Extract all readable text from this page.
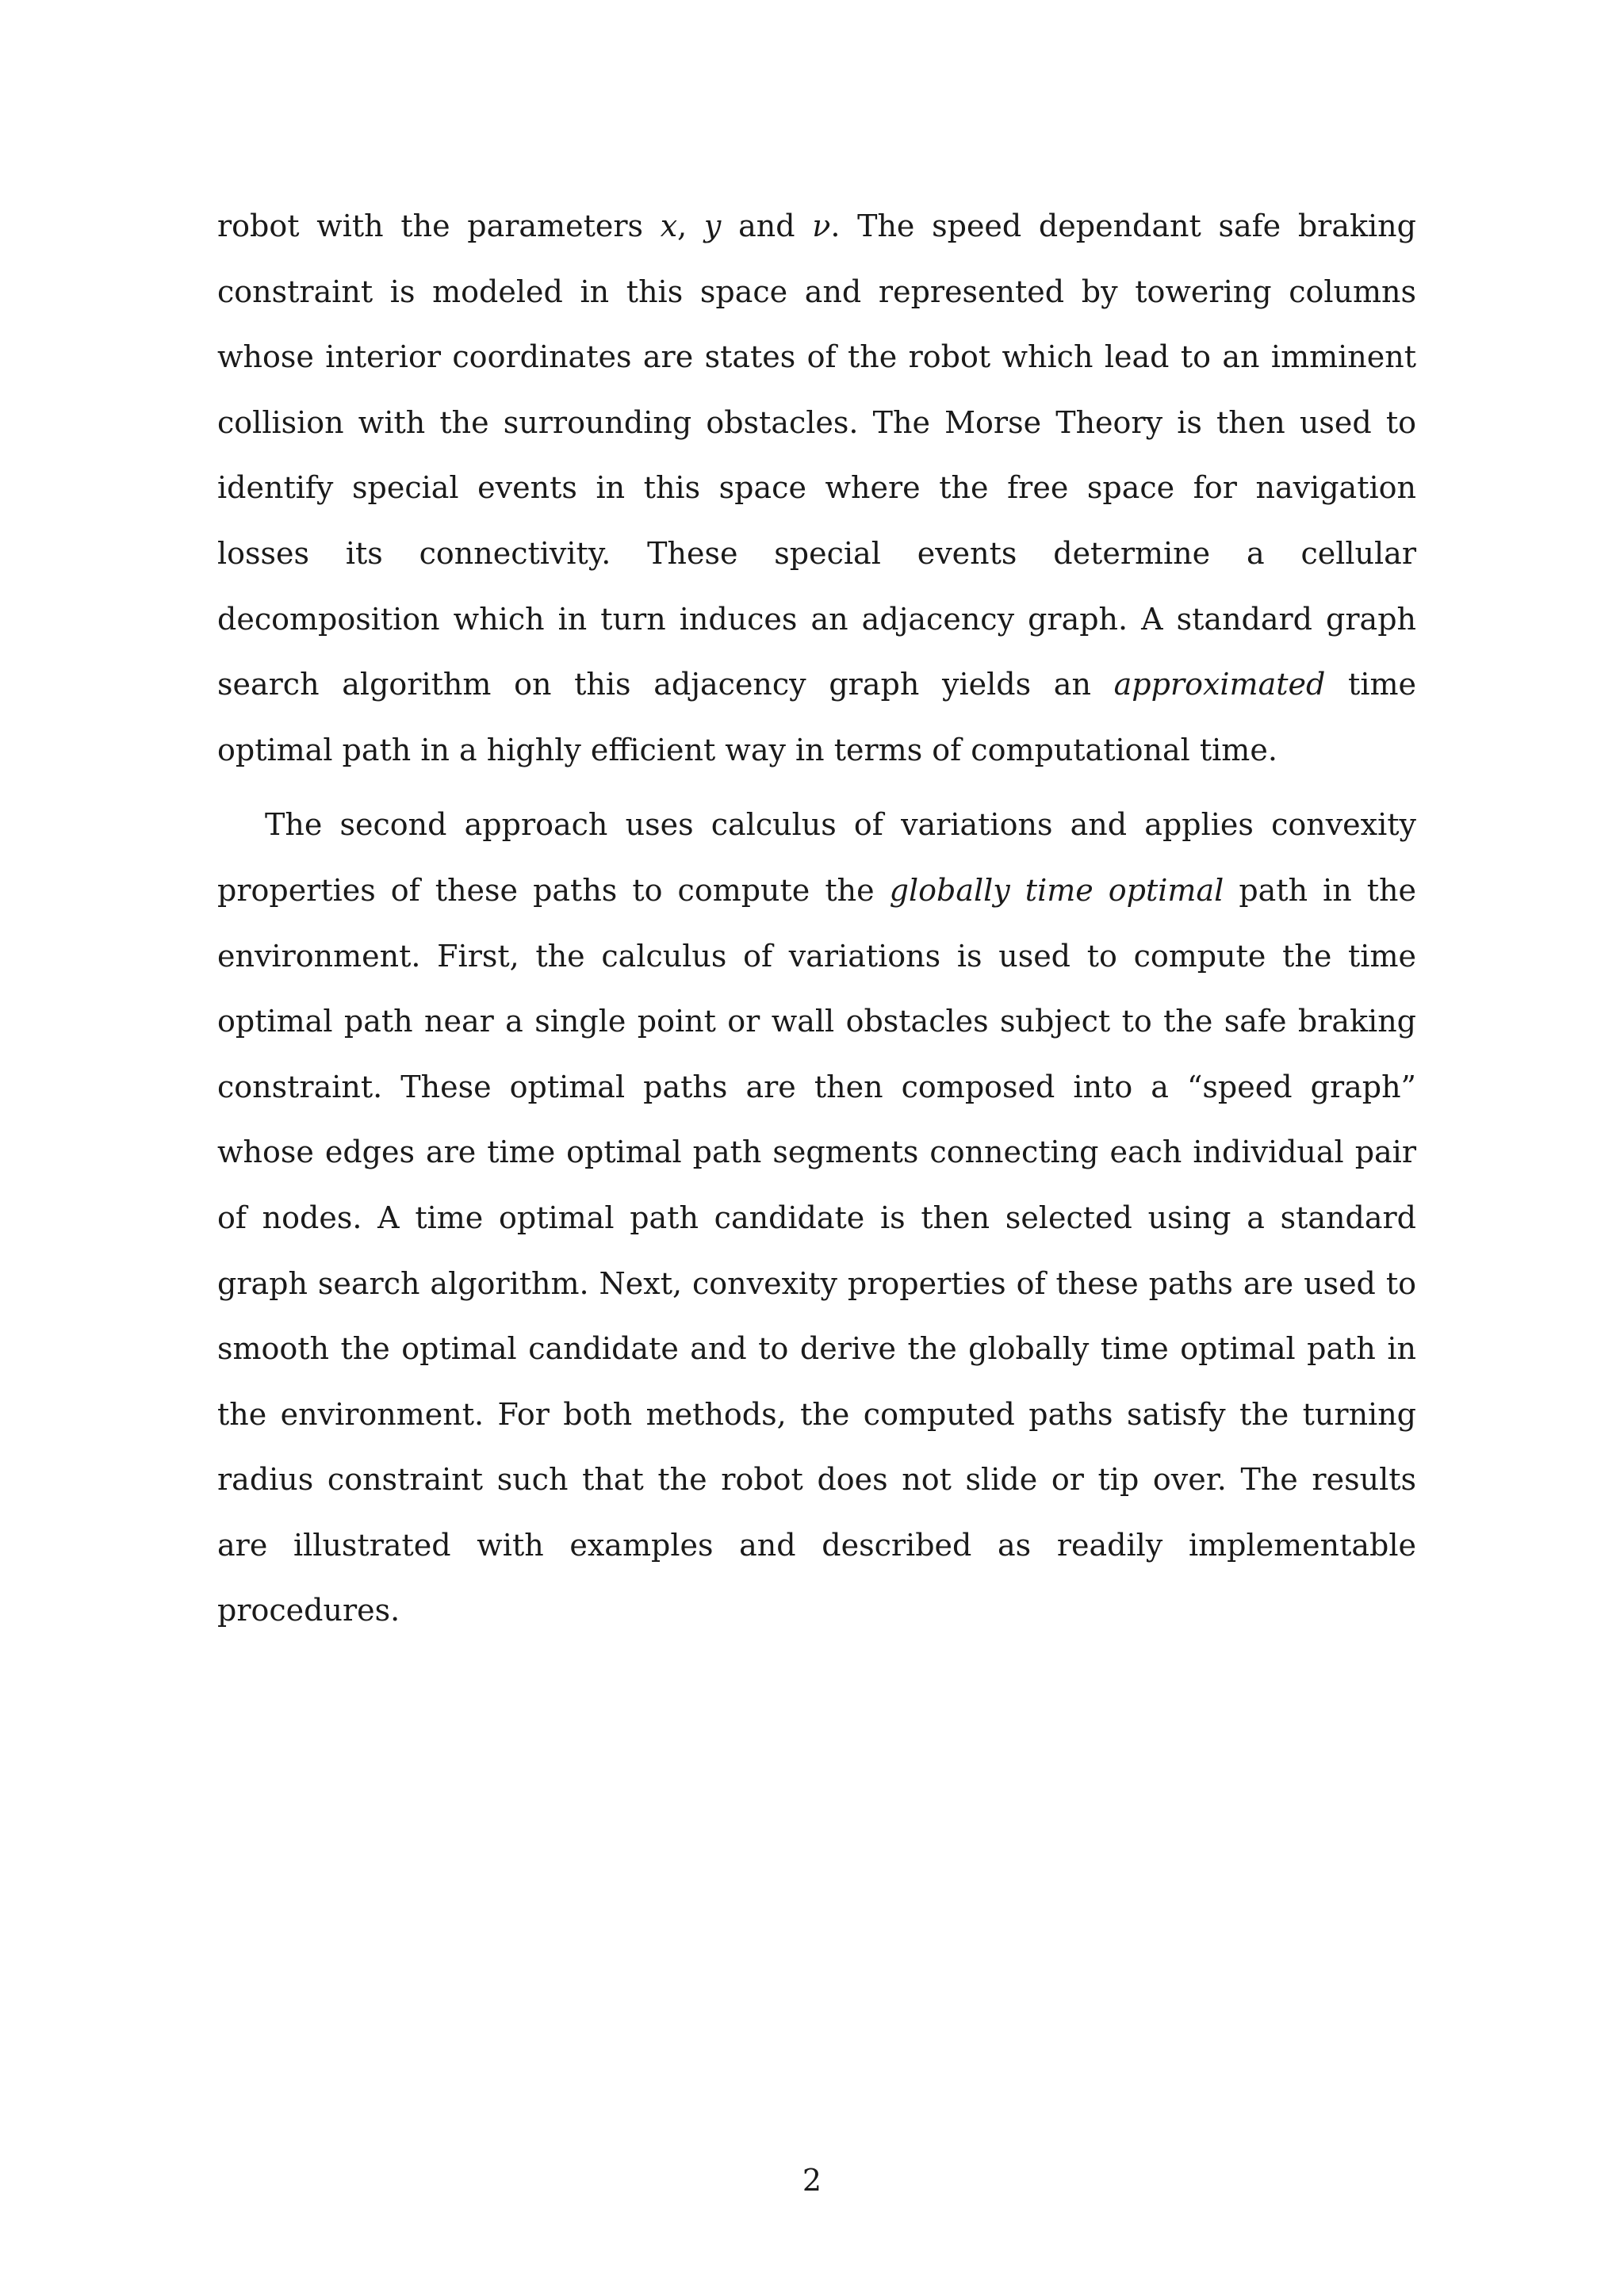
robot with the parameters x, y and ν. The speed dependant safe braking constraint is modeled in this space and represented by towering columns whose interior coordinates are states of the robot which lead to an imminent collision with the surrounding obstacles. The Morse Theory is then used to identify special events in this space where the free space for navigation losses its connectivity. These special events determine a cellular decomposition which in turn induces an adjacency graph. A standard graph search algorithm on this adjacency graph yields an approximated time optimal path in a highly efficient way in terms of computational time.

The second approach uses calculus of variations and applies convexity properties of these paths to compute the globally time optimal path in the environment. First, the calculus of variations is used to compute the time optimal path near a single point or wall obstacles subject to the safe braking constraint. These optimal paths are then composed into a “speed graph” whose edges are time optimal path segments connecting each individual pair of nodes. A time optimal path candidate is then selected using a standard graph search algorithm. Next, convexity properties of these paths are used to smooth the optimal candidate and to derive the globally time optimal path in the environment. For both methods, the computed paths satisfy the turning radius constraint such that the robot does not slide or tip over. The results are illustrated with examples and described as readily implementable procedures.

2
